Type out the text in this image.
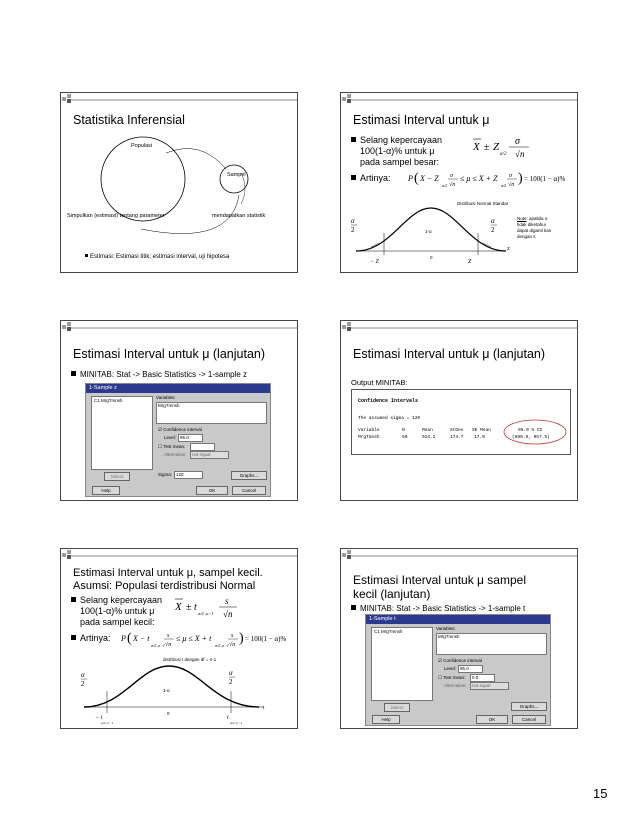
Statistika Inferensial
Populasi
Sampel
Simpulkan (estimasi) tentang parameter	mendapatkan statistik
Estimasi: Estimasi titik; estimasi interval, uji hipotesa
Estimasi Interval untuk μ
Selang kepercayaan
100(1-α)% untuk μ
pada sampel besar:
X ± Z
α/2
σ
√n
Artinya: P ( X − Z
α/2
σ
√n
≤ μ ≤ X + Z
α/2
σ
√n ) = 100(1 − α)%
Distribusi Normal Standar
α
2
α
2
− Z	Z
1-α
0
Z
Note: apabila σ
tidak diketahui
dapat diganti kan
dengan s
Estimasi Interval untuk μ (lanjutan)
MINITAB: Stat -> Basic Statistics -> 1-sample z
1-Sample z
C1 MrgTmnsh
Variables:
MrgTmnsh
☑ Confidence interval
Level: 95.0
☐ Test mean:
Alternative:	not equal
Select	Sigma: 120	Graphs...
Help	OK	Cancel
Estimasi Interval untuk μ (lanjutan)
Output MINITAB:
Confidence Intervals
The assumed sigma = 120
Variable	N	Mean	StDev SE Mean	95.0 % CI
MrgTmnsh	50	924.2	174.7 17.0	(890.9, 957.5)
Estimasi Interval untuk μ, sampel kecil.
Asumsi: Populasi terdistribusi Normal
Selang kepercayaan
100(1-α)% untuk μ
pada sampel kecil:
X ± t
α/2 ,n−1
s
√n
Artinya: P ( X − t
α/2 ,n−1
s
√n
≤ μ ≤ X + t
α/2 ,n−1
s
√n ) = 100(1 − α)%
distribusi t dengan df = n-1
α
2
α
2
− t
α/2 ,n−1
t
α/2 ,n−1
1-α
0
t
Estimasi Interval untuk μ sampel
kecil (lanjutan)
MINITAB: Stat -> Basic Statistics -> 1-sample t
1-Sample t
C1 MrgTmnsh
Variables:
MrgTmnsh
☑ Confidence interval
Level: 95.0
☐ Test mean:	0.0
Alternative:	not equal
Select	Graphs...
Help	OK	Cancel
15
